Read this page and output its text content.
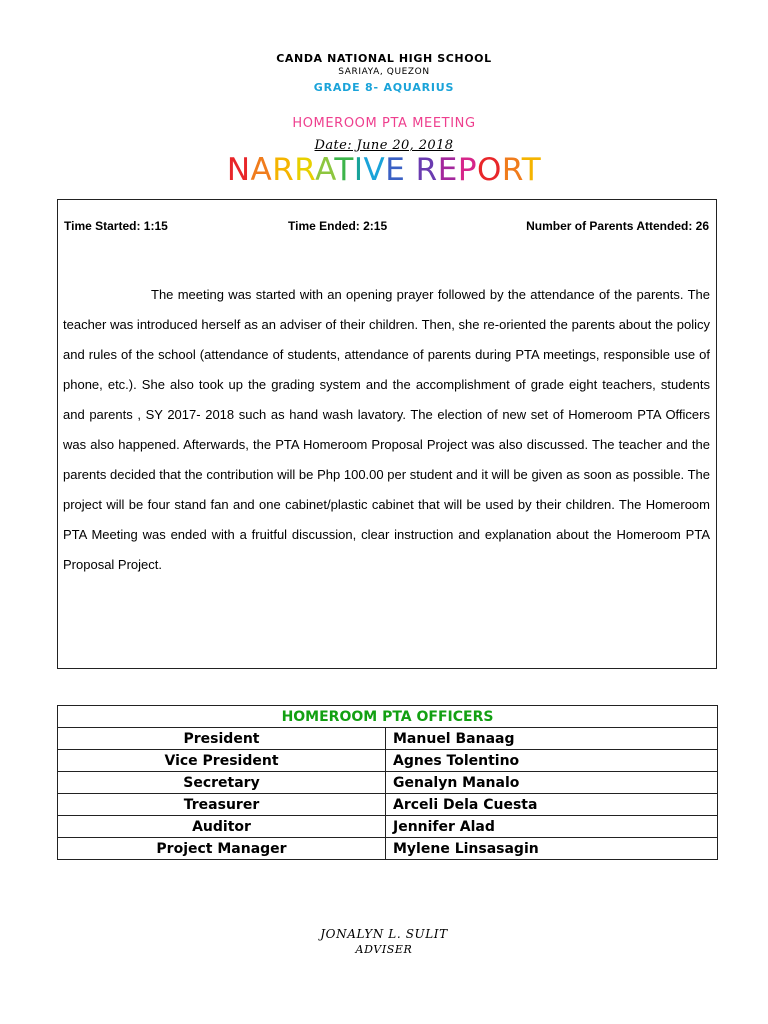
CANDA NATIONAL HIGH SCHOOL
SARIAYA, QUEZON
GRADE 8- AQUARIUS
HOMEROOM PTA MEETING
Date: June 20, 2018
NARRATIVE REPORT
Time Started: 1:15	Time Ended: 2:15	Number of Parents Attended: 26

The meeting was started with an opening prayer followed by the attendance of the parents. The teacher was introduced herself as an adviser of their children. Then, she re-oriented the parents about the policy and rules of the school (attendance of students, attendance of parents during PTA meetings, responsible use of phone, etc.). She also took up the grading system and the accomplishment of grade eight teachers, students and parents , SY 2017- 2018 such as hand wash lavatory. The election of new set of Homeroom PTA Officers was also happened. Afterwards, the PTA Homeroom Proposal Project was also discussed. The teacher and the parents decided that the contribution will be Php 100.00 per student and it will be given as soon as possible. The project will be four stand fan and one cabinet/plastic cabinet that will be used by their children. The Homeroom PTA Meeting was ended with a fruitful discussion, clear instruction and explanation about the Homeroom PTA Proposal Project.

HOMEROOM PTA OFFICERS	
President	Manuel Banaag
Vice President	Agnes Tolentino
Secretary	Genalyn Manalo
Treasurer	Arceli Dela Cuesta
Auditor	Jennifer Alad
Project Manager	Mylene Linsasagin
JONALYN L. SULIT
ADVISER
